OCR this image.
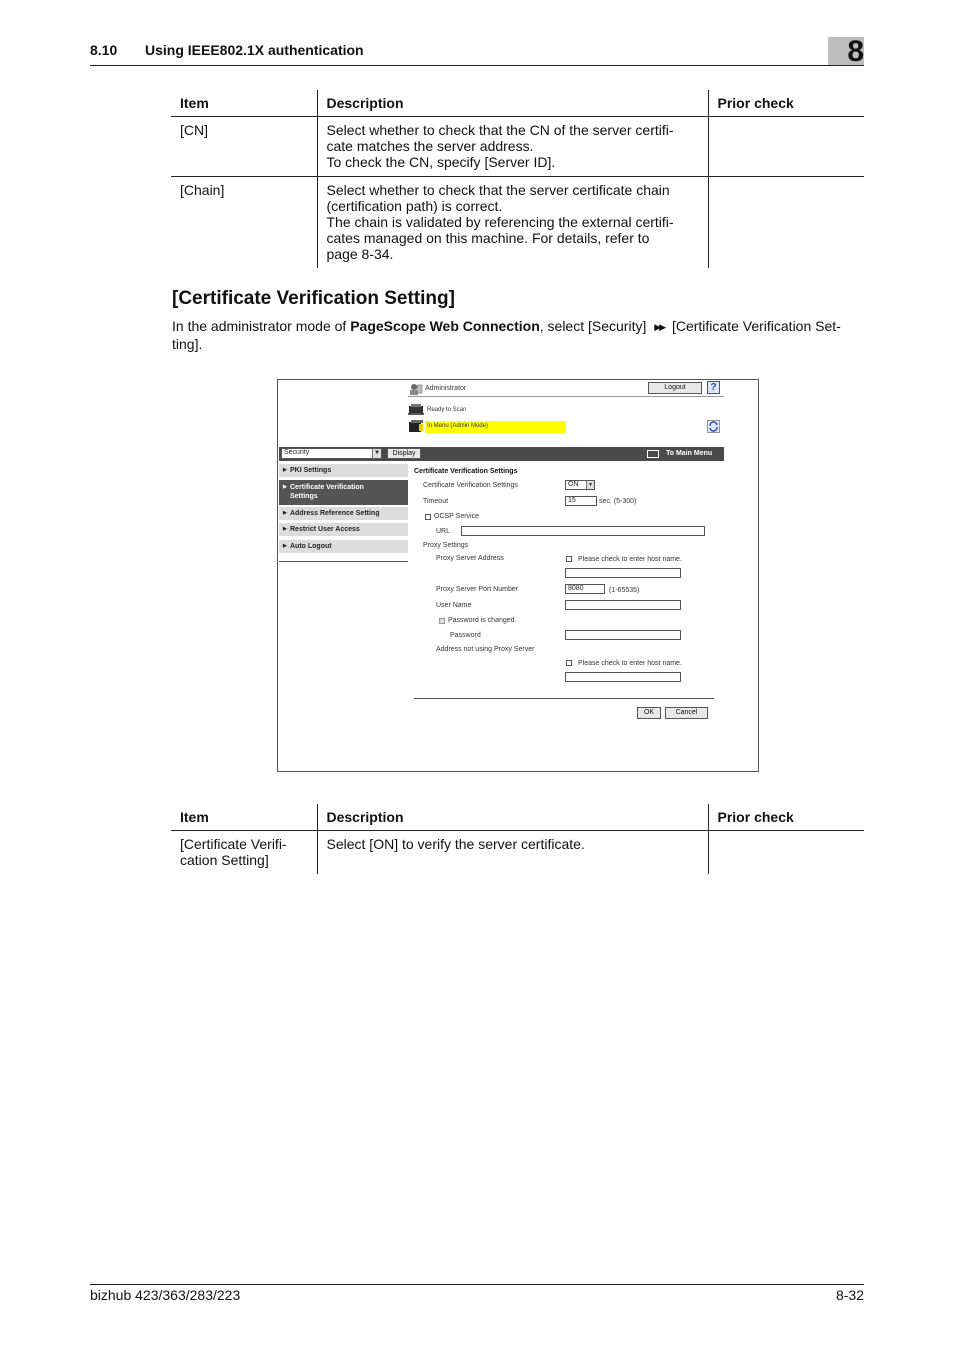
8.10 Using IEEE802.1X authentication	8
Item	Description	Prior check
[CN]	Select whether to check that the CN of the server certifi-
cate matches the server address.
To check the CN, specify [Server ID].	

[Chain]	Select whether to check that the server certificate chain
(certification path) is correct.
The chain is validated by referencing the external certifi-
cates managed on this machine. For details, refer to
page 8-34.	

[Certificate Verification Setting]
In the administrator mode of PageScope Web Connection, select [Security] ▶▶ [Certificate Verification Set-
ting].
Administrator	Logout	?
Ready to Scan
In Menu (Admin Mode)
Security	▼	Display	To Main Menu
▶ PKI Settings
▶ Certificate Verification Settings
▶ Address Reference Setting
▶ Restrict User Access
▶ Auto Logout
Certificate Verification Settings
Certificate Verification Settings	ON	▼
Timeout	15	sec. (5-300)
OCSP Service
URL
Proxy Settings
Proxy Server Address	Please check to enter host name.
Proxy Server Port Number	8080	(1-65535)
User Name
Password is changed.
Password
Address not using Proxy Server
Please check to enter host name.
OK	Cancel
Item	Description	Prior check

[Certificate Verifi-
cation Setting]	Select [ON] to verify the server certificate.	
bizhub 423/363/283/223	8-32
